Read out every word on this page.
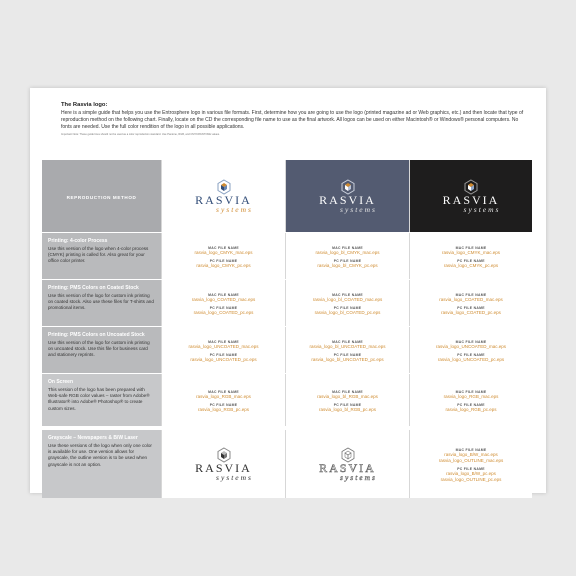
The Rasvia logo:

Here is a simple guide that helps you use the Entrosphere logo in various file formats. First, determine how you are going to use the logo (printed magazine ad or Web graphics, etc.) and then locate that type of reproduction method on the following chart. Finally, locate on the CD the corresponding file name to use as the final artwork. All logos can be used on either Macintosh® or Windows® personal computers. No fonts are needed. Use the full color rendition of the logo in all possible applications.

Important Note: These guide lines should not be used as a color reproduction standard. Use Pantone, RGB, and CMYK/PANTONE values.

REPRODUCTION METHOD	RASVIA
systems
RASVIA
systems
RASVIA
systems
Printing: 4-color Process
Use this version of the logo when 4-color process (CMYK) printing is called for. Also great for your office color printer.
MAC FILE NAME
rasvia_logo_CMYK_mac.eps
PC FILE NAME
rasvia_logo_CMYK_pc.eps
MAC FILE NAME
rasvia_logo_bl_CMYK_mac.eps
PC FILE NAME
rasvia_logo_bl_CMYK_pc.eps
MAC FILE NAME
rasvia_logo_CMYK_mac.eps
PC FILE NAME
rasvia_logo_CMYK_pc.eps
Printing: PMS Colors on Coated Stock
Use this version of the logo for custom ink printing on coated stock. Also use these files for T-shirts and promotional items.
MAC FILE NAME
rasvia_logo_COATED_mac.eps
PC FILE NAME
rasvia_logo_COATED_pc.eps
MAC FILE NAME
rasvia_logo_bl_COATED_mac.eps
PC FILE NAME
rasvia_logo_bl_COATED_pc.eps
MAC FILE NAME
rasvia_logo_COATED_mac.eps
PC FILE NAME
rasvia_logo_COATED_pc.eps
Printing: PMS Colors on Uncoated Stock
Use this version of the logo for custom ink printing on uncoated stock. Use this file for business card and stationery reprints.
MAC FILE NAME
rasvia_logo_UNCOATED_mac.eps
PC FILE NAME
rasvia_logo_UNCOATED_pc.eps
MAC FILE NAME
rasvia_logo_bl_UNCOATED_mac.eps
PC FILE NAME
rasvia_logo_bl_UNCOATED_pc.eps
MAC FILE NAME
rasvia_logo_UNCOATED_mac.eps
PC FILE NAME
rasvia_logo_UNCOATED_pc.eps
On Screen
This version of the logo has been prepared with Web-safe RGB color values – raster from Adobe® Illustrator® into Adobe® Photoshop® to create custom sizes.
MAC FILE NAME
rasvia_logo_RGB_mac.eps
PC FILE NAME
rasvia_logo_RGB_pc.eps
MAC FILE NAME
rasvia_logo_bl_RGB_mac.eps
PC FILE NAME
rasvia_logo_bl_RGB_pc.eps
MAC FILE NAME
rasvia_logo_RGB_mac.eps
PC FILE NAME
rasvia_logo_RGB_pc.eps
Grayscale – Newspapers & B/W Laser
Use these versions of the logo when only one color is available for use. One version allows for grayscale, the outline version is to be used when grayscale is not an option.	RASVIA
systems
RASVIA
systems
MAC FILE NAME
rasvia_logo_B/W_mac.eps
rasvia_logo_OUTLINE_mac.eps
PC FILE NAME
rasvia_logo_B/W_pc.eps
rasvia_logo_OUTLINE_pc.eps
